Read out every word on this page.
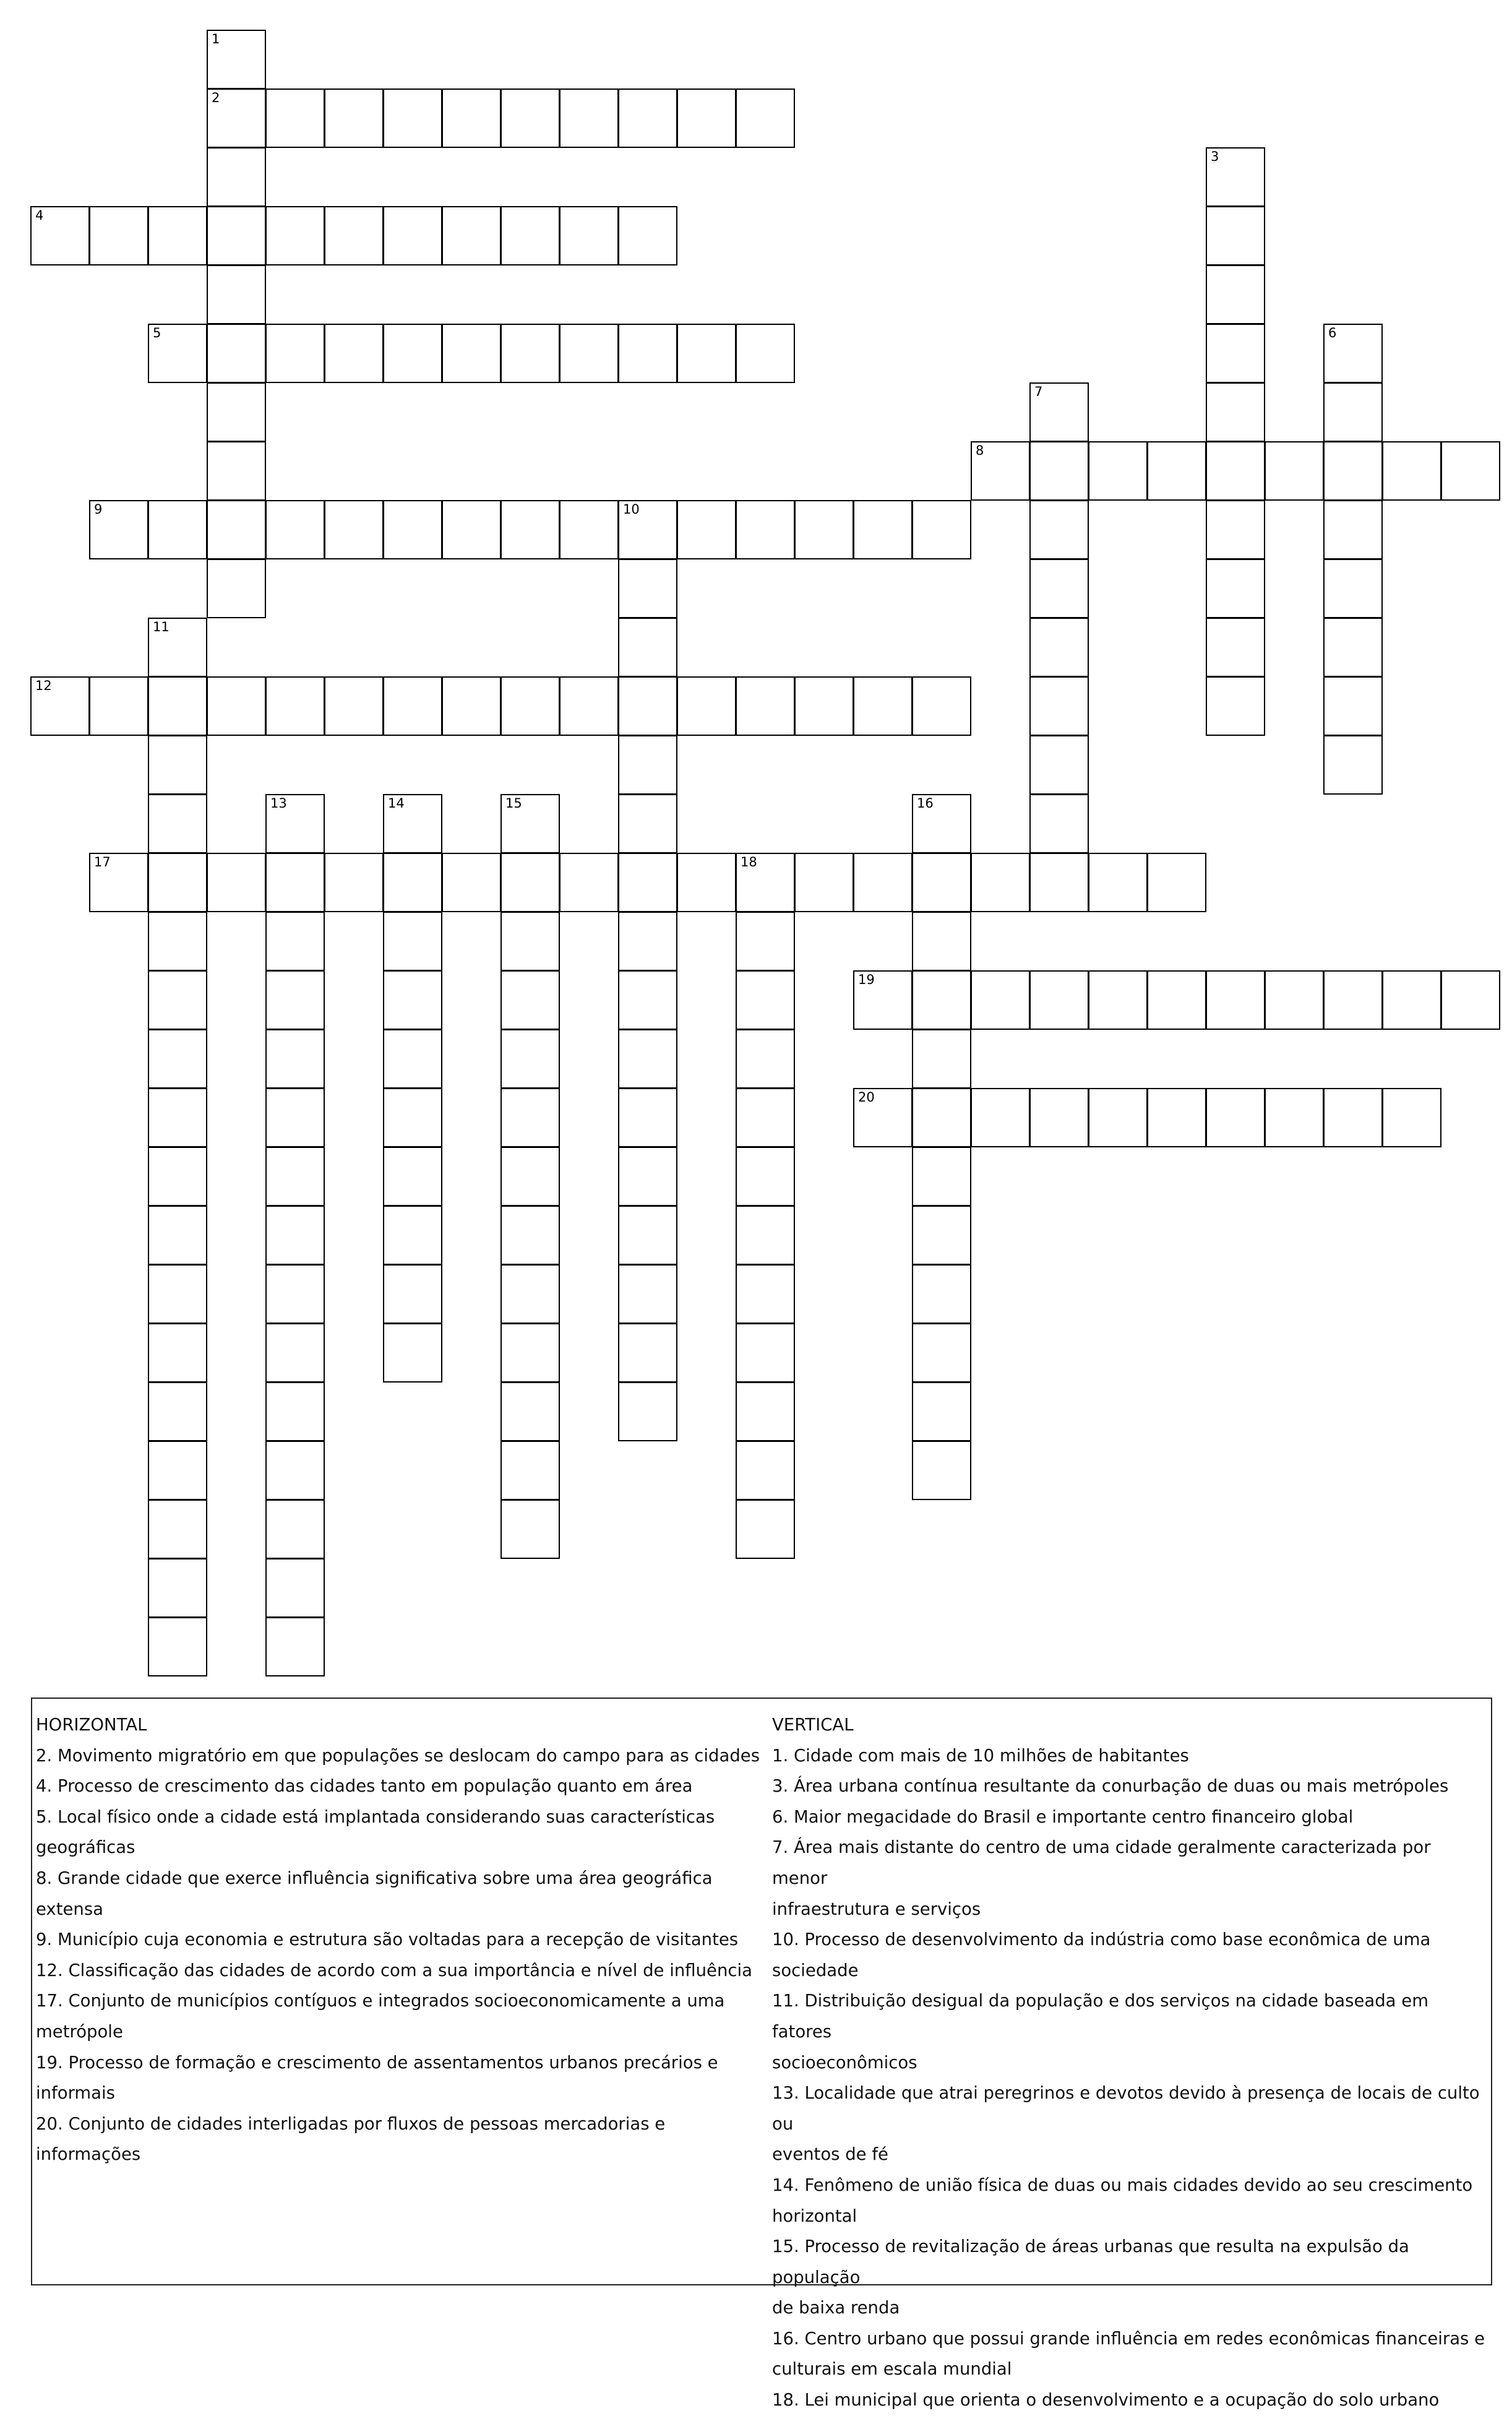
1
2
3
4
5	6
7
8
9	10
11
12
13	14	15	16
17	18
19
20
HORIZONTAL
2. Movimento migratório em que populações se deslocam do campo para as cidades
4. Processo de crescimento das cidades tanto em população quanto em área
5. Local físico onde a cidade está implantada considerando suas características
geográficas
8. Grande cidade que exerce influência significativa sobre uma área geográfica
extensa
9. Município cuja economia e estrutura são voltadas para a recepção de visitantes
12. Classificação das cidades de acordo com a sua importância e nível de influência
17. Conjunto de municípios contíguos e integrados socioeconomicamente a uma
metrópole
19. Processo de formação e crescimento de assentamentos urbanos precários e
informais
20. Conjunto de cidades interligadas por fluxos de pessoas mercadorias e informações
VERTICAL
1. Cidade com mais de 10 milhões de habitantes
3. Área urbana contínua resultante da conurbação de duas ou mais metrópoles
6. Maior megacidade do Brasil e importante centro financeiro global
7. Área mais distante do centro de uma cidade geralmente caracterizada por menor
infraestrutura e serviços
10. Processo de desenvolvimento da indústria como base econômica de uma sociedade
11. Distribuição desigual da população e dos serviços na cidade baseada em fatores
socioeconômicos
13. Localidade que atrai peregrinos e devotos devido à presença de locais de culto ou
eventos de fé
14. Fenômeno de união física de duas ou mais cidades devido ao seu crescimento
horizontal
15. Processo de revitalização de áreas urbanas que resulta na expulsão da população
de baixa renda
16. Centro urbano que possui grande influência em redes econômicas financeiras e
culturais em escala mundial
18. Lei municipal que orienta o desenvolvimento e a ocupação do solo urbano
